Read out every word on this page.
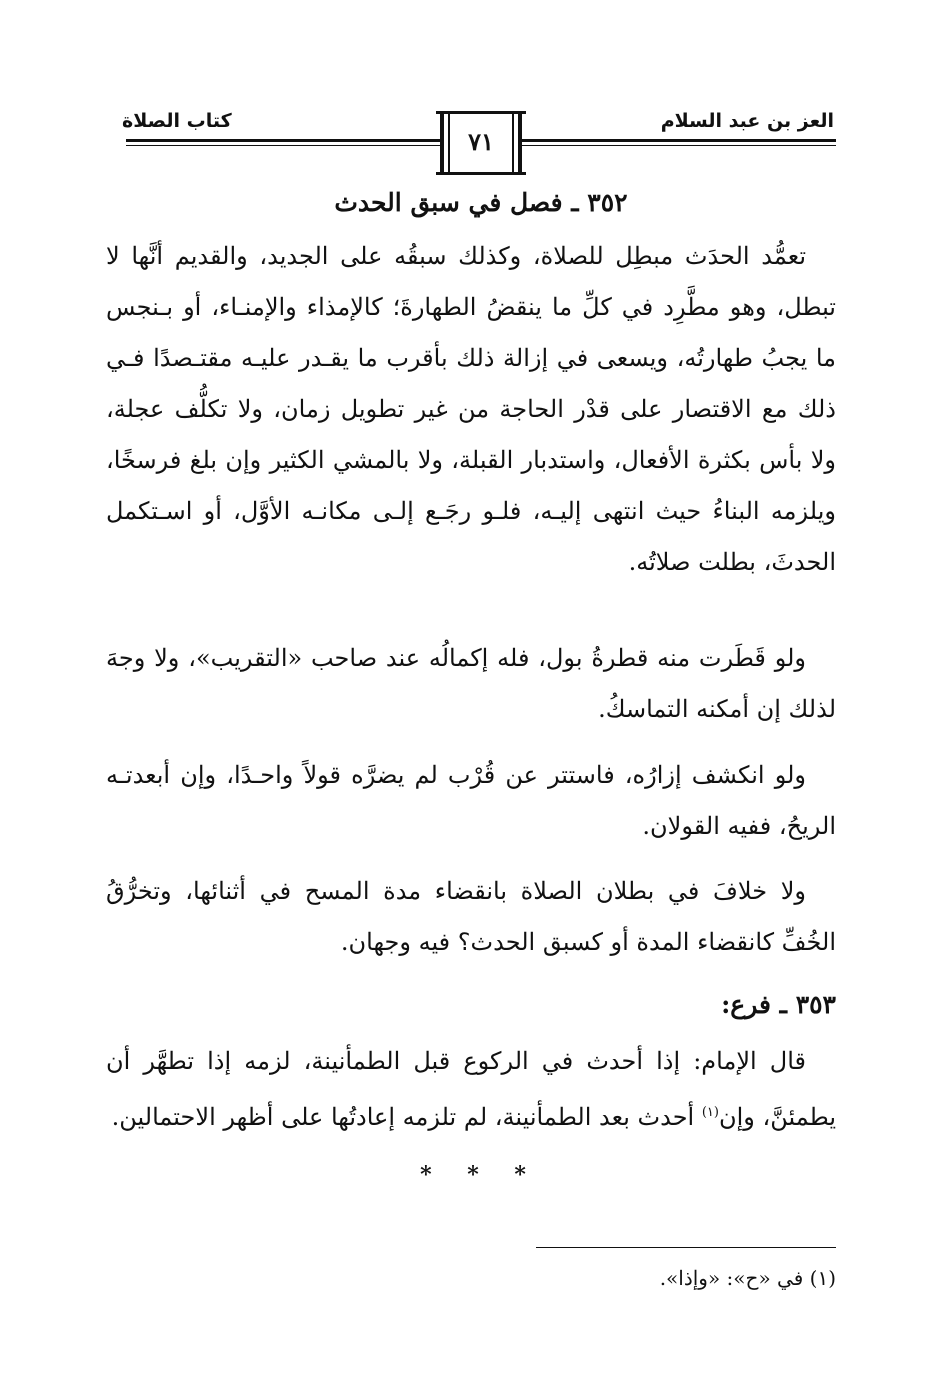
العز بن عبد السلام
كتاب الصلاة
٧١
٣٥٢ ـ فصل في سبق الحدث

تعمُّد الحدَث مبطِل للصلاة، وكذلك سبقُه على الجديد، والقديم أنَّها لا تبطل، وهو مطَّرِد في كلِّ ما ينقضُ الطهارةَ؛ كالإمذاء والإمنـاء، أو بـنجس ما يجبُ طهارتُه، ويسعى في إزالة ذلك بأقرب ما يقـدر عليـه مقتـصدًا فـي ذلك مع الاقتصار على قدْر الحاجة من غير تطويل زمان، ولا تكلُّف عجلة، ولا بأس بكثرة الأفعال، واستدبار القبلة، ولا بالمشي الكثير وإن بلغ فرسخًا، ويلزمه البناءُ حيث انتهى إليـه، فلـو رجَـع إلـى مكانـه الأوَّل، أو اسـتكمل الحدثَ، بطلت صلاتُه.

ولو قَطَرت منه قطرةُ بول، فله إكمالُه عند صاحب «التقريب»، ولا وجهَ لذلك إن أمكنه التماسكُ.

ولو انكشف إزارُه، فاستتر عن قُرْب لم يضرَّه قولاً واحـدًا، وإن أبعدتـه الريحُ، ففيه القولان.

ولا خلافَ في بطلان الصلاة بانقضاء مدة المسح في أثنائها، وتخرُّقُ الخُفِّ كانقضاء المدة أو كسبق الحدث؟ فيه وجهان.

٣٥٣ ـ فرع:

قال الإمام: إذا أحدث في الركوع قبل الطمأنينة، لزمه إذا تطهَّر أن يطمئنَّ، وإن$^{(١)}$ أحدث بعد الطمأنينة، لم تلزمه إعادتُها على أظهر الاحتمالين.

* * *
(١) في «ح»: «وإذا».
